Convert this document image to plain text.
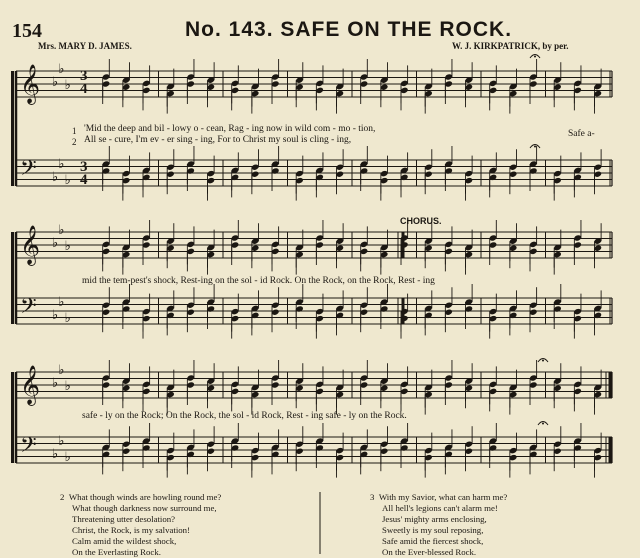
154	No. 143. SAFE ON THE ROCK.
Mrs. MARY D. JAMES.	W. J. KIRKPATRICK, by per.
𝄞
𝄢
♭
♭
♭
♭
♭
♭
𝄞
𝄢
♭
♭
♭
♭
♭
♭
𝄞
𝄢
♭
♭
♭
♭
♭
♭
3
4
3
4
1
2
'Mid the deep and bil - lowy o - cean, Rag - ing now in wild com - mo - tion,
All se - cure, I'm ev - er sing - ing, For to Christ my soul is cling - ing,
Safe a-
CHORUS.
mid the tem-pest's shock, Rest-ing on the sol - id Rock. On the Rock, on the Rock, Rest - ing
safe - ly on the Rock; On the Rock, the sol - id Rock, Rest - ing safe - ly on the Rock.
2 What though winds are howling round me?
What though darkness now surround me,
Threatening utter desolation?
Christ, the Rock, is my salvation!
Calm amid the wildest shock,
On the Everlasting Rock.
3 With my Savior, what can harm me?
All hell's legions can't alarm me!
Jesus' mighty arms enclosing,
Sweetly is my soul reposing,
Safe amid the fiercest shock,
On the Ever-blessed Rock.
